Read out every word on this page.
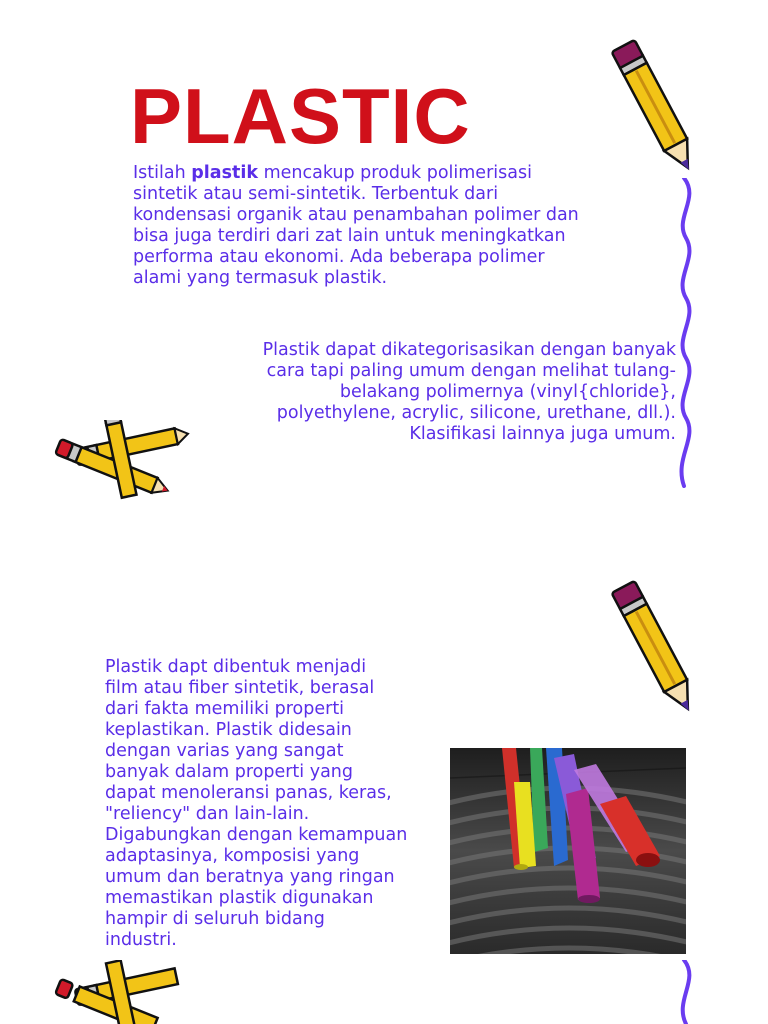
PLASTIC

Istilah plastik mencakup produk polimerisasi
sintetik atau semi-sintetik. Terbentuk dari
kondensasi organik atau penambahan polimer dan
bisa juga terdiri dari zat lain untuk meningkatkan
performa atau ekonomi. Ada beberapa polimer
alami yang termasuk plastik.

Plastik dapat dikategorisasikan dengan banyak
cara tapi paling umum dengan melihat tulang-
belakang polimernya (vinyl{chloride},
polyethylene, acrylic, silicone, urethane, dll.).
Klasifikasi lainnya juga umum.

Plastik dapt dibentuk menjadi
film atau fiber sintetik, berasal
dari fakta memiliki properti
keplastikan. Plastik didesain
dengan varias yang sangat
banyak dalam properti yang
dapat menoleransi panas, keras,
"reliency" dan lain-lain.
Digabungkan dengan kemampuan
adaptasinya, komposisi yang
umum dan beratnya yang ringan
memastikan plastik digunakan
hampir di seluruh bidang
industri.
